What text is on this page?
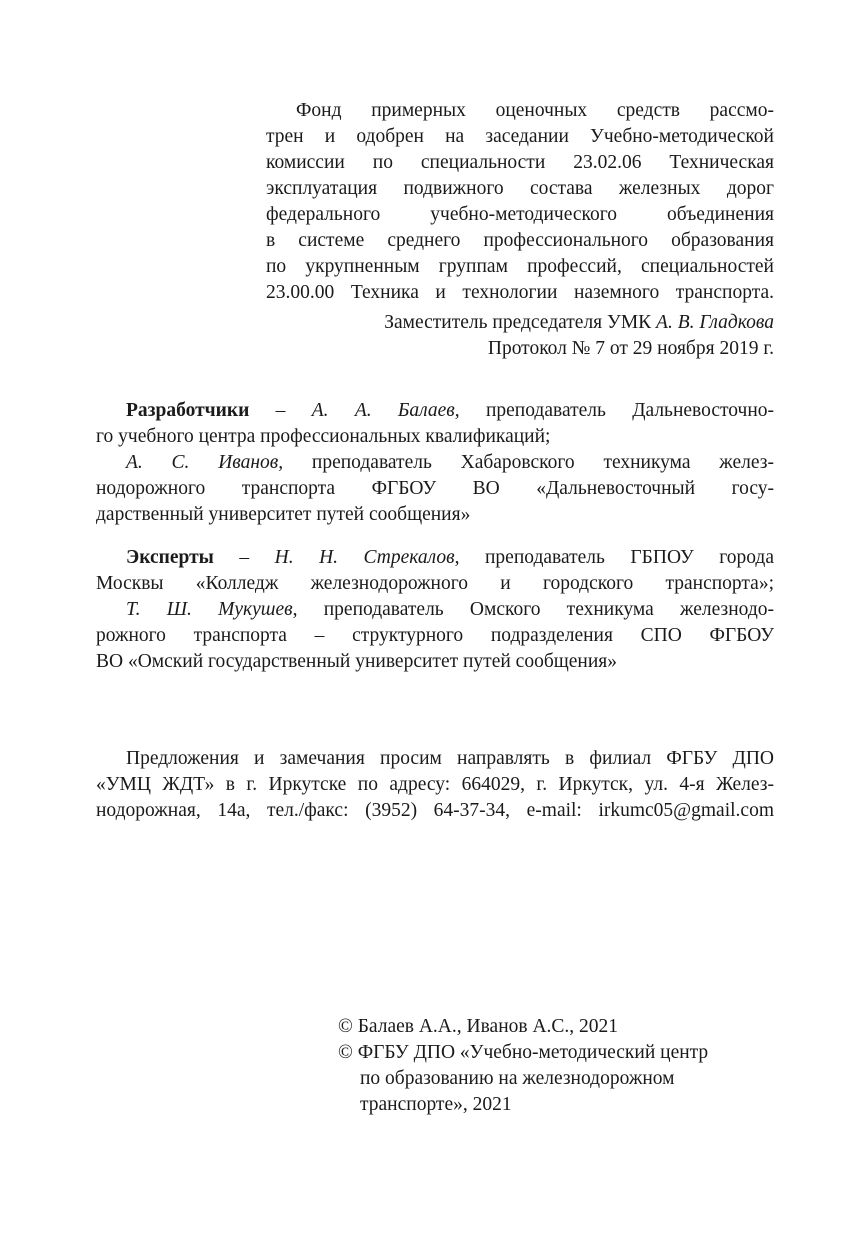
Фонд примерных оценочных средств рассмо-
трен и одобрен на заседании Учебно-методической
комиссии по специальности 23.02.06 Техническая
эксплуатация подвижного состава железных дорог
федерального учебно-методического объединения
в системе среднего профессионального образования
по укрупненным группам профессий, специальностей
23.00.00 Техника и технологии наземного транспорта.
Заместитель председателя УМК А. В. Гладкова
Протокол № 7 от 29 ноября 2019 г.
Разработчики – А. А. Балаев, преподаватель Дальневосточно-
го учебного центра профессиональных квалификаций;
А. С. Иванов, преподаватель Хабаровского техникума желез-
нодорожного транспорта ФГБОУ ВО «Дальневосточный госу-
дарственный университет путей сообщения»
Эксперты – Н. Н. Стрекалов, преподаватель ГБПОУ города
Москвы «Колледж железнодорожного и городского транспорта»;
Т. Ш. Мукушев, преподаватель Омского техникума железнодо-
рожного транспорта – структурного подразделения СПО ФГБОУ
ВО «Омский государственный университет путей сообщения»
Предложения и замечания просим направлять в филиал ФГБУ ДПО
«УМЦ ЖДТ» в г. Иркутске по адресу: 664029, г. Иркутск, ул. 4-я Желез-
нодорожная, 14а, тел./факс: (3952) 64-37-34, e-mail: irkumc05@gmail.com
© Балаев А.А., Иванов А.С., 2021
© ФГБУ ДПО «Учебно-методический центр
по образованию на железнодорожном
транспорте», 2021
